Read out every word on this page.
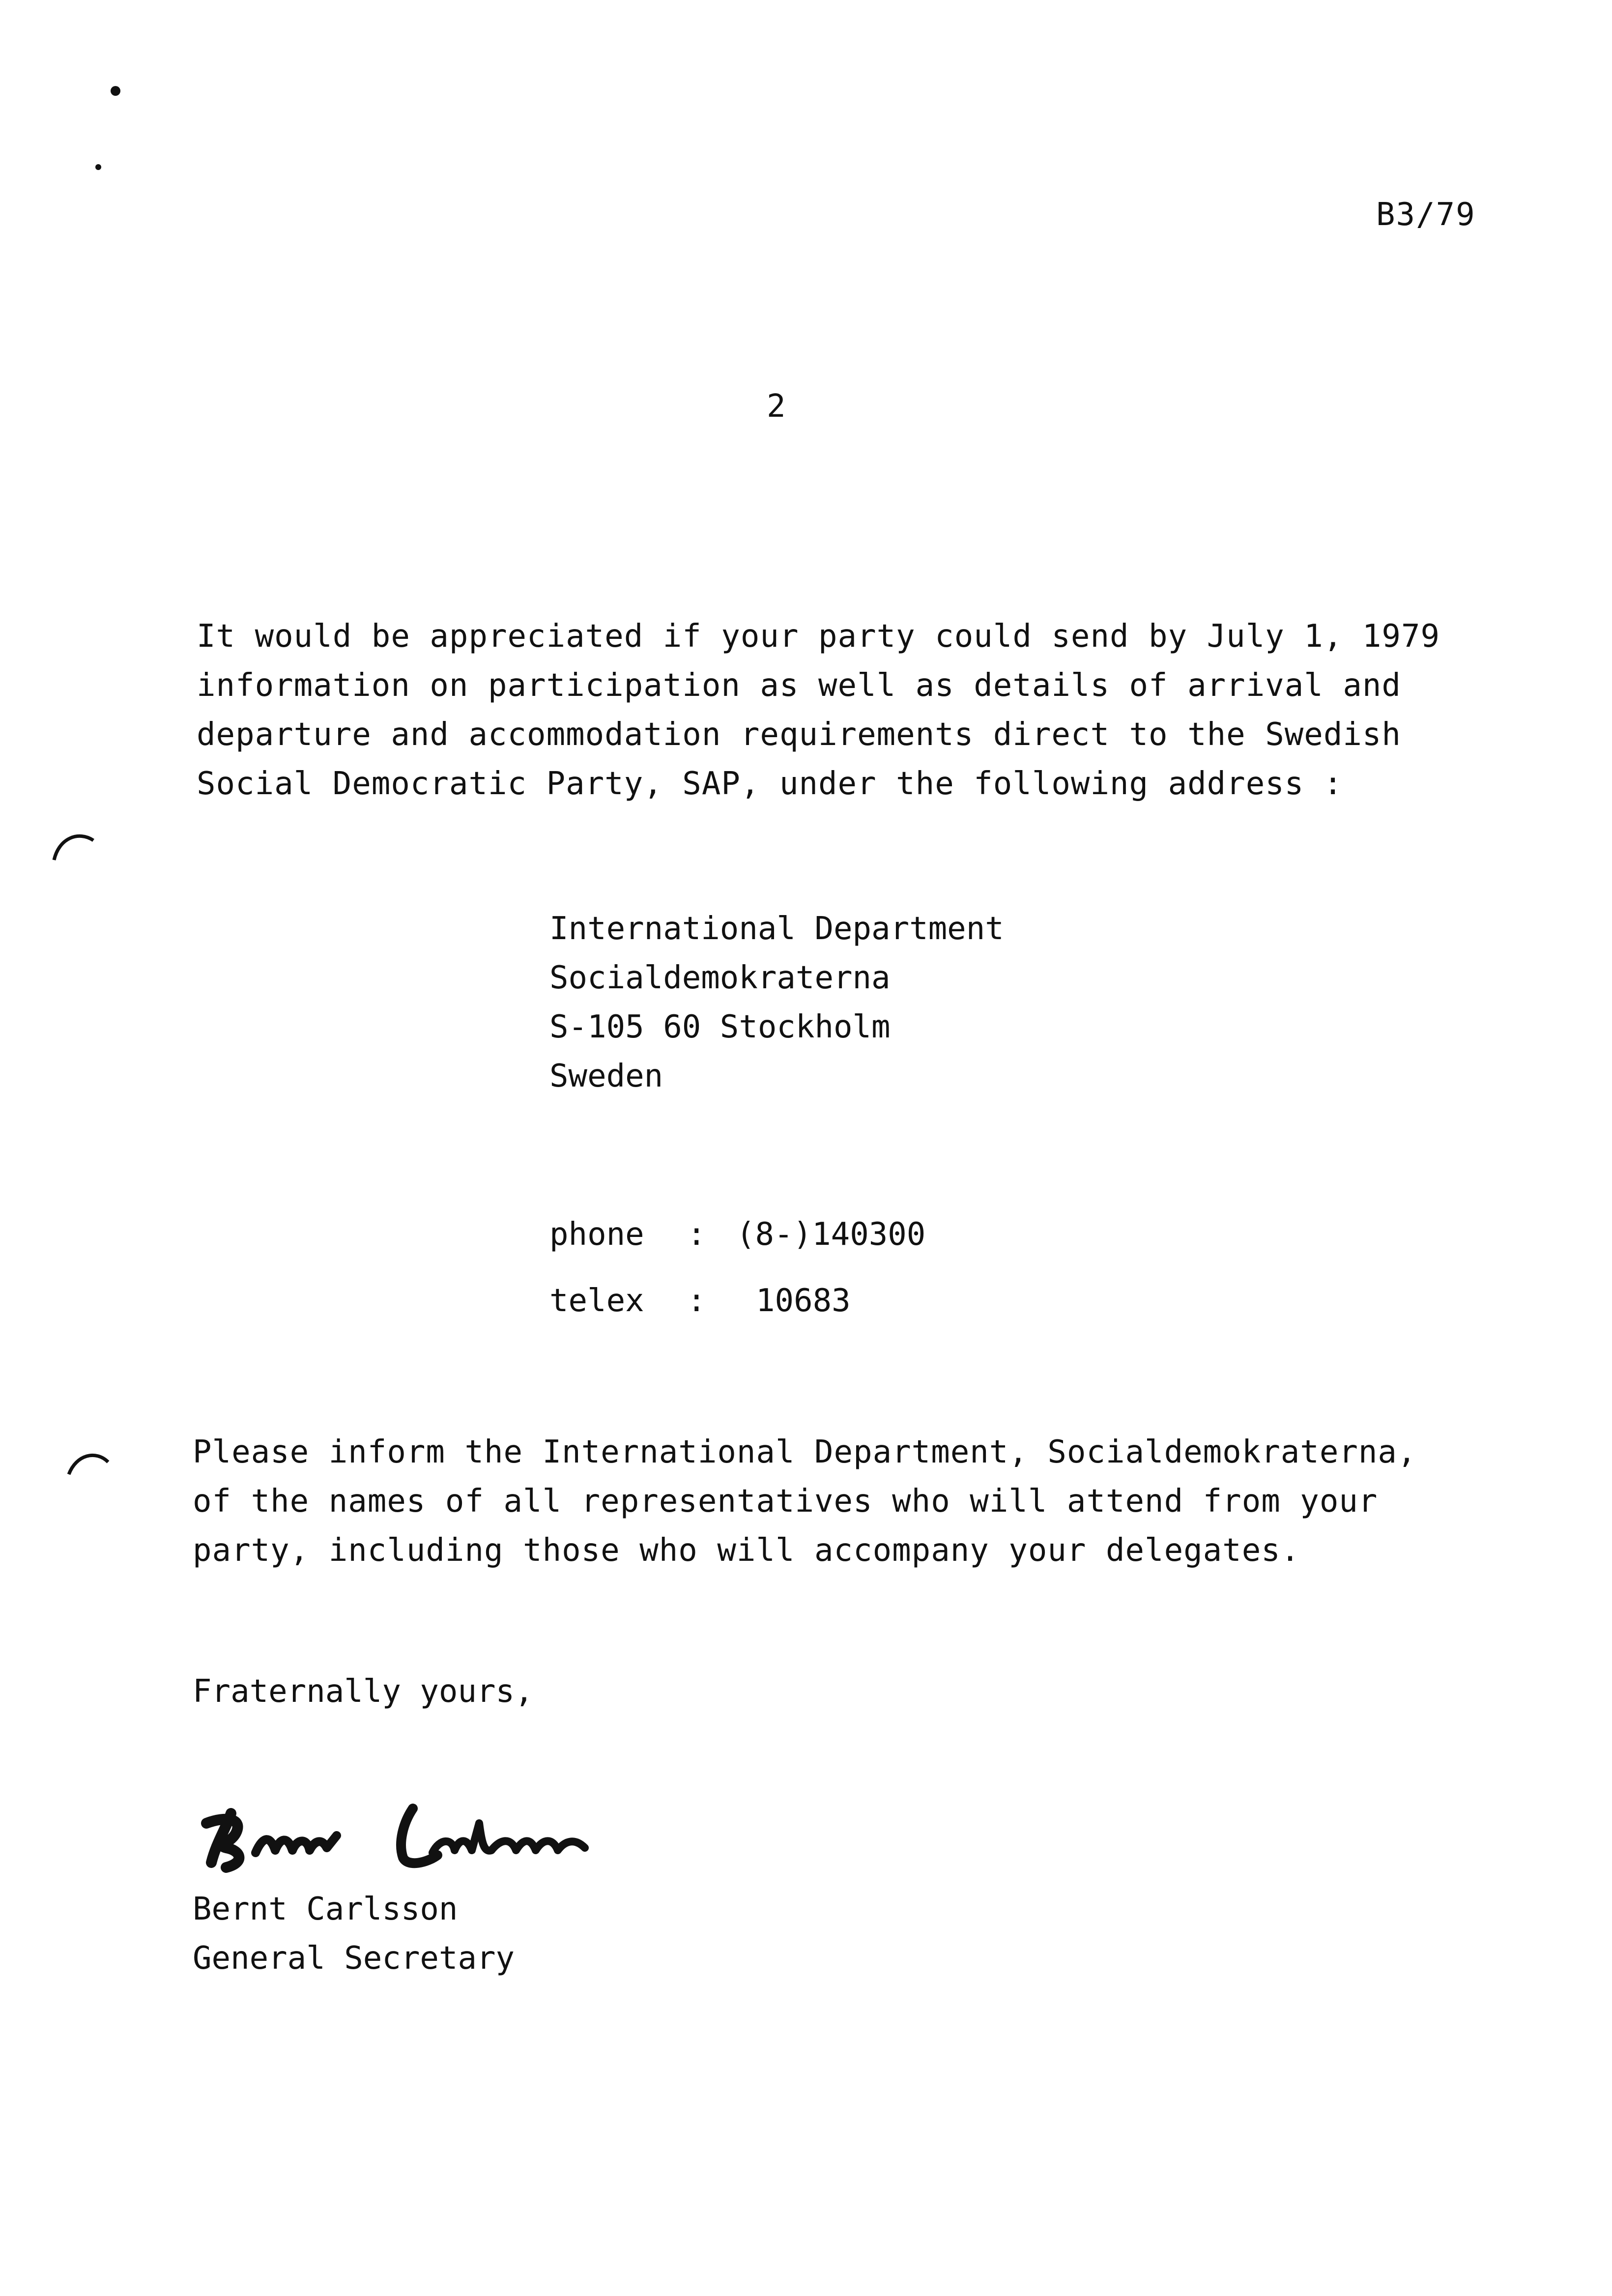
B3/79
2
It would be appreciated if your party could send by July 1, 1979
information on participation as well as details of arrival and
departure and accommodation requirements direct to the Swedish
Social Democratic Party, SAP, under the following address :
International Department
Socialdemokraterna
S-105 60 Stockholm
Sweden
phone : (8-)140300
telex : 10683
Please inform the International Department, Socialdemokraterna,
of the names of all representatives who will attend from your
party, including those who will accompany your delegates.
Fraternally yours,
Bernt Carlsson
General Secretary
